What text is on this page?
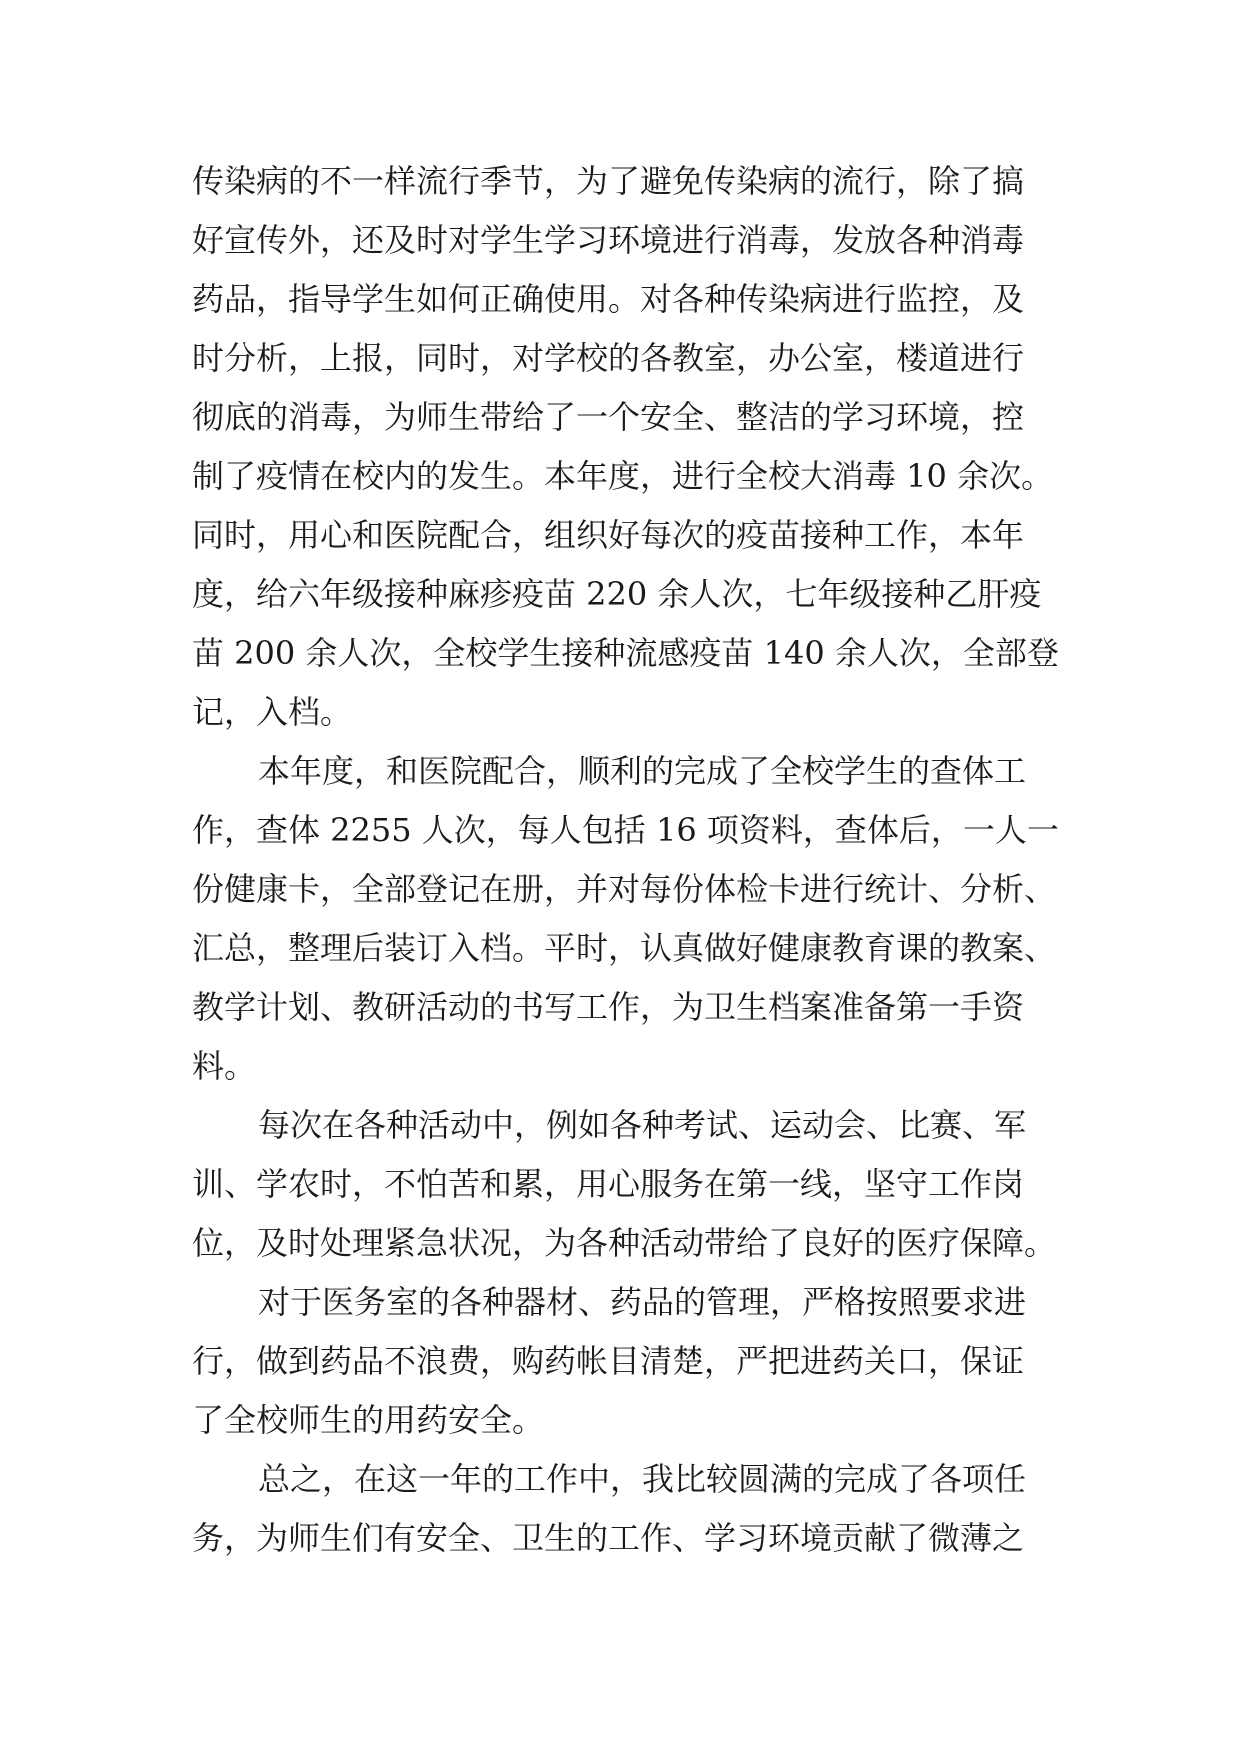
传染病的不一样流行季节，为了避免传染病的流行，除了搞
好宣传外，还及时对学生学习环境进行消毒，发放各种消毒
药品，指导学生如何正确使用。对各种传染病进行监控，及
时分析，上报，同时，对学校的各教室，办公室，楼道进行
彻底的消毒，为师生带给了一个安全、整洁的学习环境，控
制了疫情在校内的发生。本年度，进行全校大消毒 10 余次。
同时，用心和医院配合，组织好每次的疫苗接种工作，本年
度，给六年级接种麻疹疫苗 220 余人次，七年级接种乙肝疫
苗 200 余人次，全校学生接种流感疫苗 140 余人次，全部登
记，入档。
本年度，和医院配合，顺利的完成了全校学生的查体工
作，查体 2255 人次，每人包括 16 项资料，查体后，一人一
份健康卡，全部登记在册，并对每份体检卡进行统计、分析、
汇总，整理后装订入档。平时，认真做好健康教育课的教案、
教学计划、教研活动的书写工作，为卫生档案准备第一手资
料。
每次在各种活动中，例如各种考试、运动会、比赛、军
训、学农时，不怕苦和累，用心服务在第一线，坚守工作岗
位，及时处理紧急状况，为各种活动带给了良好的医疗保障。
对于医务室的各种器材、药品的管理，严格按照要求进
行，做到药品不浪费，购药帐目清楚，严把进药关口，保证
了全校师生的用药安全。
总之，在这一年的工作中，我比较圆满的完成了各项任
务，为师生们有安全、卫生的工作、学习环境贡献了微薄之
